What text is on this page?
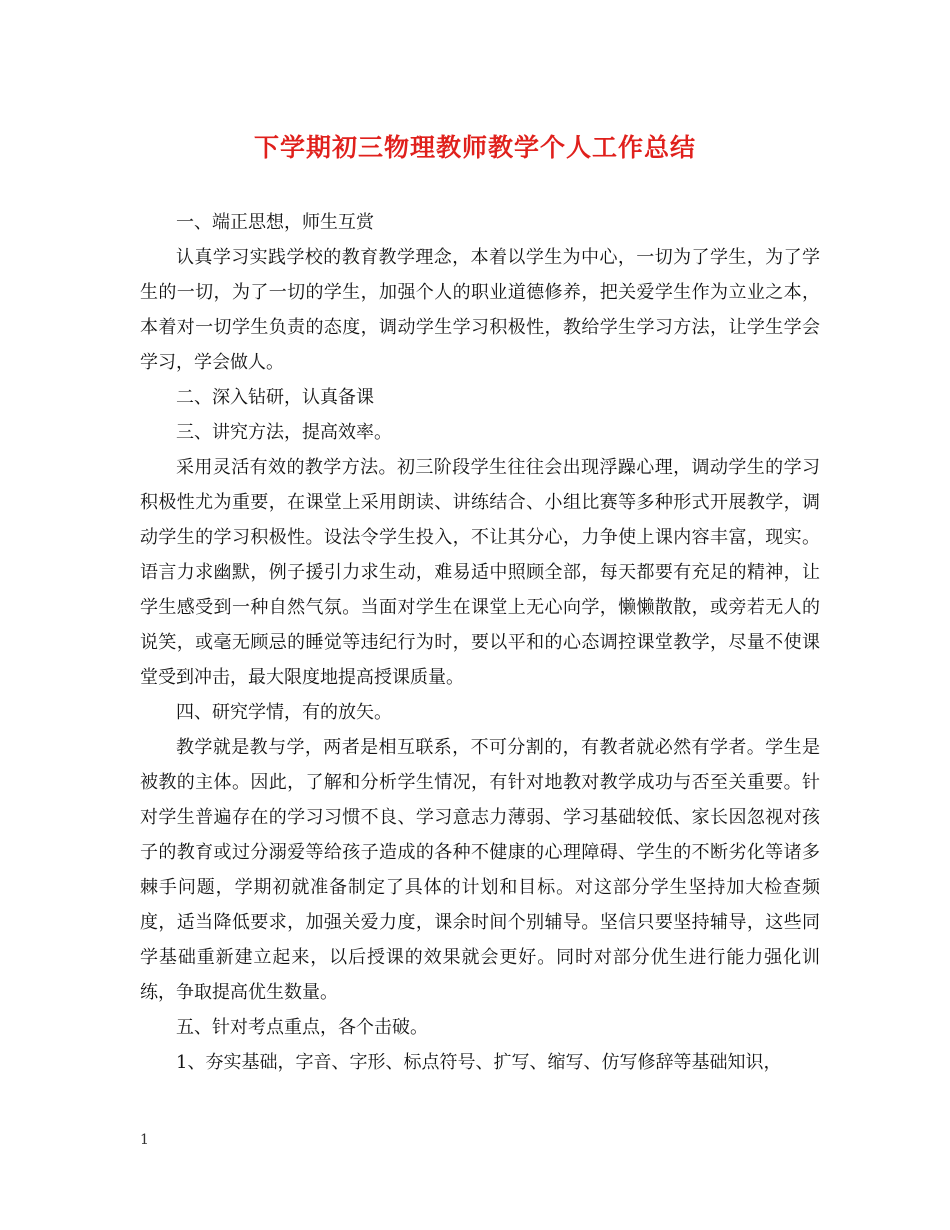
下学期初三物理教师教学个人工作总结

一、端正思想，师生互赏

认真学习实践学校的教育教学理念，本着以学生为中心，一切为了学生，为了学生的一切，为了一切的学生，加强个人的职业道德修养，把关爱学生作为立业之本，本着对一切学生负责的态度，调动学生学习积极性，教给学生学习方法，让学生学会学习，学会做人。

二、深入钻研，认真备课

三、讲究方法，提高效率。

采用灵活有效的教学方法。初三阶段学生往往会出现浮躁心理，调动学生的学习积极性尤为重要，在课堂上采用朗读、讲练结合、小组比赛等多种形式开展教学，调动学生的学习积极性。设法令学生投入，不让其分心，力争使上课内容丰富，现实。语言力求幽默，例子援引力求生动，难易适中照顾全部，每天都要有充足的精神，让学生感受到一种自然气氛。当面对学生在课堂上无心向学，懒懒散散，或旁若无人的说笑，或毫无顾忌的睡觉等违纪行为时，要以平和的心态调控课堂教学，尽量不使课堂受到冲击，最大限度地提高授课质量。

四、研究学情，有的放矢。

教学就是教与学，两者是相互联系，不可分割的，有教者就必然有学者。学生是被教的主体。因此，了解和分析学生情况，有针对地教对教学成功与否至关重要。针对学生普遍存在的学习习惯不良、学习意志力薄弱、学习基础较低、家长因忽视对孩子的教育或过分溺爱等给孩子造成的各种不健康的心理障碍、学生的不断劣化等诸多棘手问题，学期初就准备制定了具体的计划和目标。对这部分学生坚持加大检查频度，适当降低要求，加强关爱力度，课余时间个别辅导。坚信只要坚持辅导，这些同学基础重新建立起来，以后授课的效果就会更好。同时对部分优生进行能力强化训练，争取提高优生数量。

五、针对考点重点，各个击破。

1、夯实基础，字音、字形、标点符号、扩写、缩写、仿写修辞等基础知识，

1
